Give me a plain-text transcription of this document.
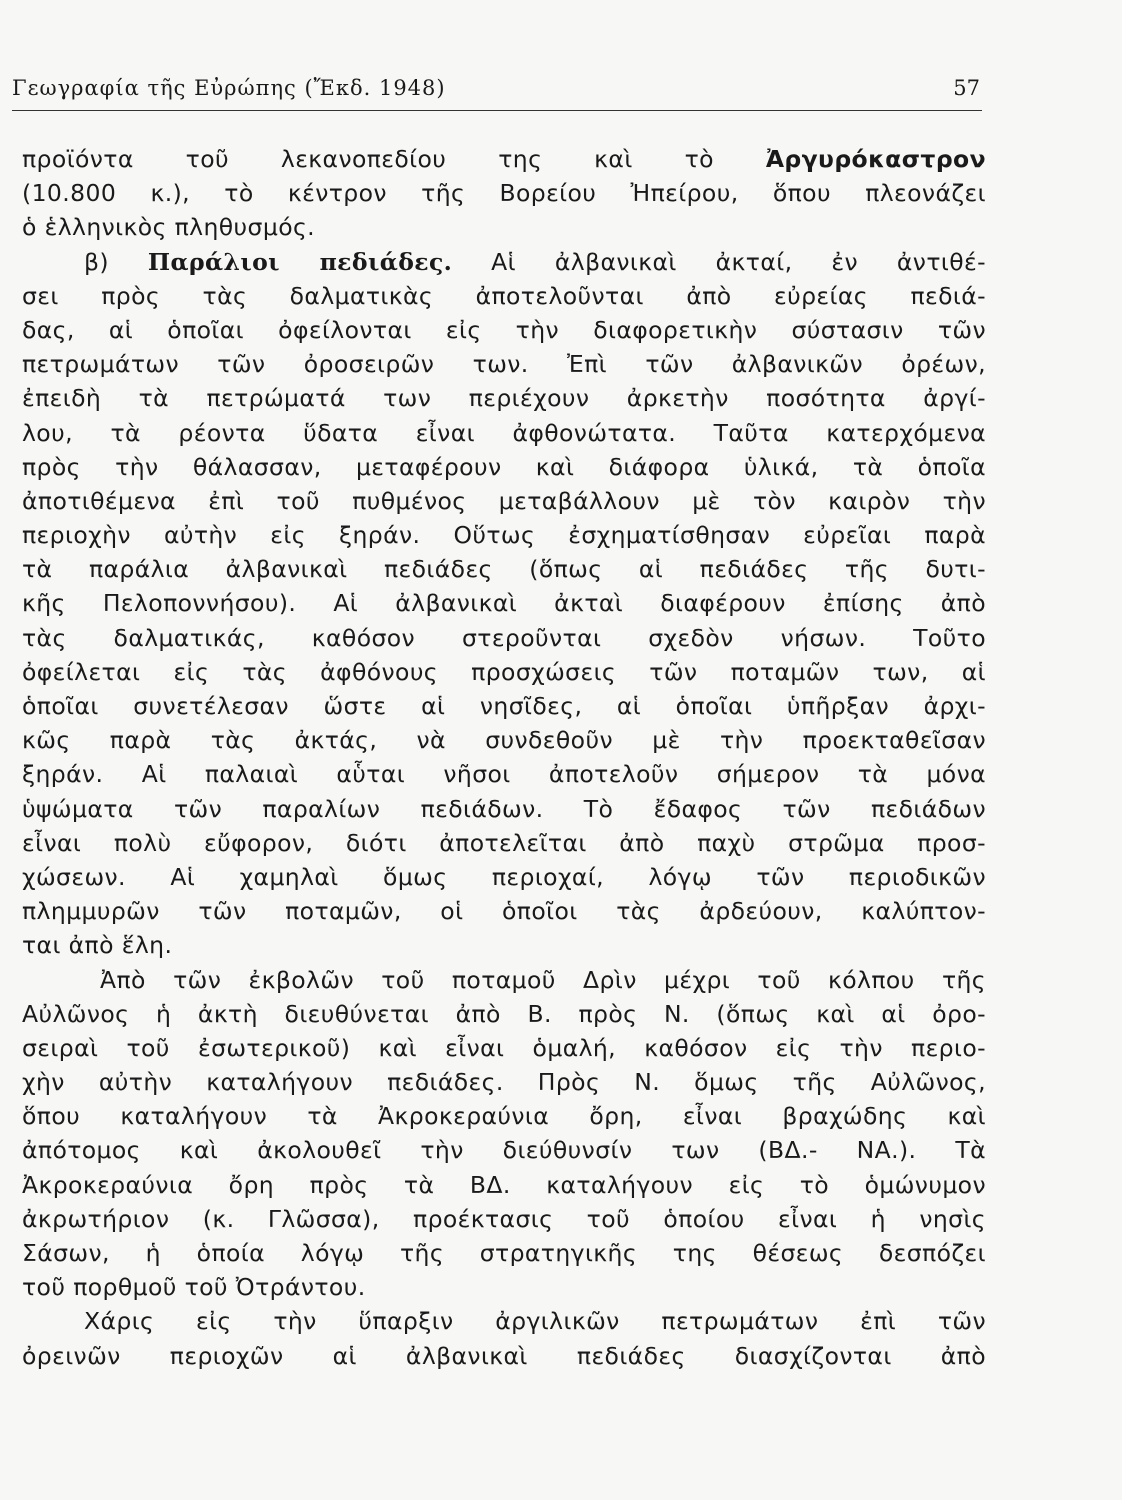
Γεωγραφία τῆς Εὐρώπης (Ἔκδ. 1948)	57
προϊόντα τοῦ λεκανοπεδίου της καὶ τὸ Ἀργυρόκαστρον
(10.800 κ.), τὸ κέντρον τῆς Βορείου Ἠπείρου, ὅπου πλεονάζει
ὁ ἑλληνικὸς πληθυσμός.
β) Παράλιοι πεδιάδες. Αἱ ἀλβανικαὶ ἀκταί, ἐν ἀντιθέ-
σει πρὸς τὰς δαλματικὰς ἀποτελοῦνται ἀπὸ εὐρείας πεδιά-
δας, αἱ ὁποῖαι ὀφείλονται εἰς τὴν διαφορετικὴν σύστασιν τῶν
πετρωμάτων τῶν ὀροσειρῶν των. Ἐπὶ τῶν ἀλβανικῶν ὀρέων,
ἐπειδὴ τὰ πετρώματά των περιέχουν ἀρκετὴν ποσότητα ἀργί-
λου, τὰ ρέοντα ὕδατα εἶναι ἀφθονώτατα. Ταῦτα κατερχόμενα
πρὸς τὴν θάλασσαν, μεταφέρουν καὶ διάφορα ὑλικά, τὰ ὁποῖα
ἀποτιθέμενα ἐπὶ τοῦ πυθμένος μεταβάλλουν μὲ τὸν καιρὸν τὴν
περιοχὴν αὐτὴν εἰς ξηράν. Οὕτως ἐσχηματίσθησαν εὐρεῖαι παρὰ
τὰ παράλια ἀλβανικαὶ πεδιάδες (ὅπως αἱ πεδιάδες τῆς δυτι-
κῆς Πελοποννήσου). Αἱ ἀλβανικαὶ ἀκταὶ διαφέρουν ἐπίσης ἀπὸ
τὰς δαλματικάς, καθόσον στεροῦνται σχεδὸν νήσων. Τοῦτο
ὀφείλεται εἰς τὰς ἀφθόνους προσχώσεις τῶν ποταμῶν των, αἱ
ὁποῖαι συνετέλεσαν ὥστε αἱ νησῖδες, αἱ ὁποῖαι ὑπῆρξαν ἀρχι-
κῶς παρὰ τὰς ἀκτάς, νὰ συνδεθοῦν μὲ τὴν προεκταθεῖσαν
ξηράν. Αἱ παλαιαὶ αὗται νῆσοι ἀποτελοῦν σήμερον τὰ μόνα
ὑψώματα τῶν παραλίων πεδιάδων. Τὸ ἔδαφος τῶν πεδιάδων
εἶναι πολὺ εὔφορον, διότι ἀποτελεῖται ἀπὸ παχὺ στρῶμα προσ-
χώσεων. Αἱ χαμηλαὶ ὅμως περιοχαί, λόγῳ τῶν περιοδικῶν
πλημμυρῶν τῶν ποταμῶν, οἱ ὁποῖοι τὰς ἀρδεύουν, καλύπτον-
ται ἀπὸ ἕλη.
Ἀπὸ τῶν ἐκβολῶν τοῦ ποταμοῦ Δρὶν μέχρι τοῦ κόλπου τῆς
Αὐλῶνος ἡ ἀκτὴ διευθύνεται ἀπὸ Β. πρὸς Ν. (ὅπως καὶ αἱ ὀρο-
σειραὶ τοῦ ἐσωτερικοῦ) καὶ εἶναι ὁμαλή, καθόσον εἰς τὴν περιο-
χὴν αὐτὴν καταλήγουν πεδιάδες. Πρὸς Ν. ὅμως τῆς Αὐλῶνος,
ὅπου καταλήγουν τὰ Ἀκροκεραύνια ὄρη, εἶναι βραχώδης καὶ
ἀπότομος καὶ ἀκολουθεῖ τὴν διεύθυνσίν των (ΒΔ.- ΝΑ.). Τὰ
Ἀκροκεραύνια ὄρη πρὸς τὰ ΒΔ. καταλήγουν εἰς τὸ ὁμώνυμον
ἀκρωτήριον (κ. Γλῶσσα), προέκτασις τοῦ ὁποίου εἶναι ἡ νησὶς
Σάσων, ἡ ὁποία λόγῳ τῆς στρατηγικῆς της θέσεως δεσπόζει
τοῦ πορθμοῦ τοῦ Ὀτράντου.
Χάρις εἰς τὴν ὕπαρξιν ἀργιλικῶν πετρωμάτων ἐπὶ τῶν
ὀρεινῶν περιοχῶν αἱ ἀλβανικαὶ πεδιάδες διασχίζονται ἀπὸ
